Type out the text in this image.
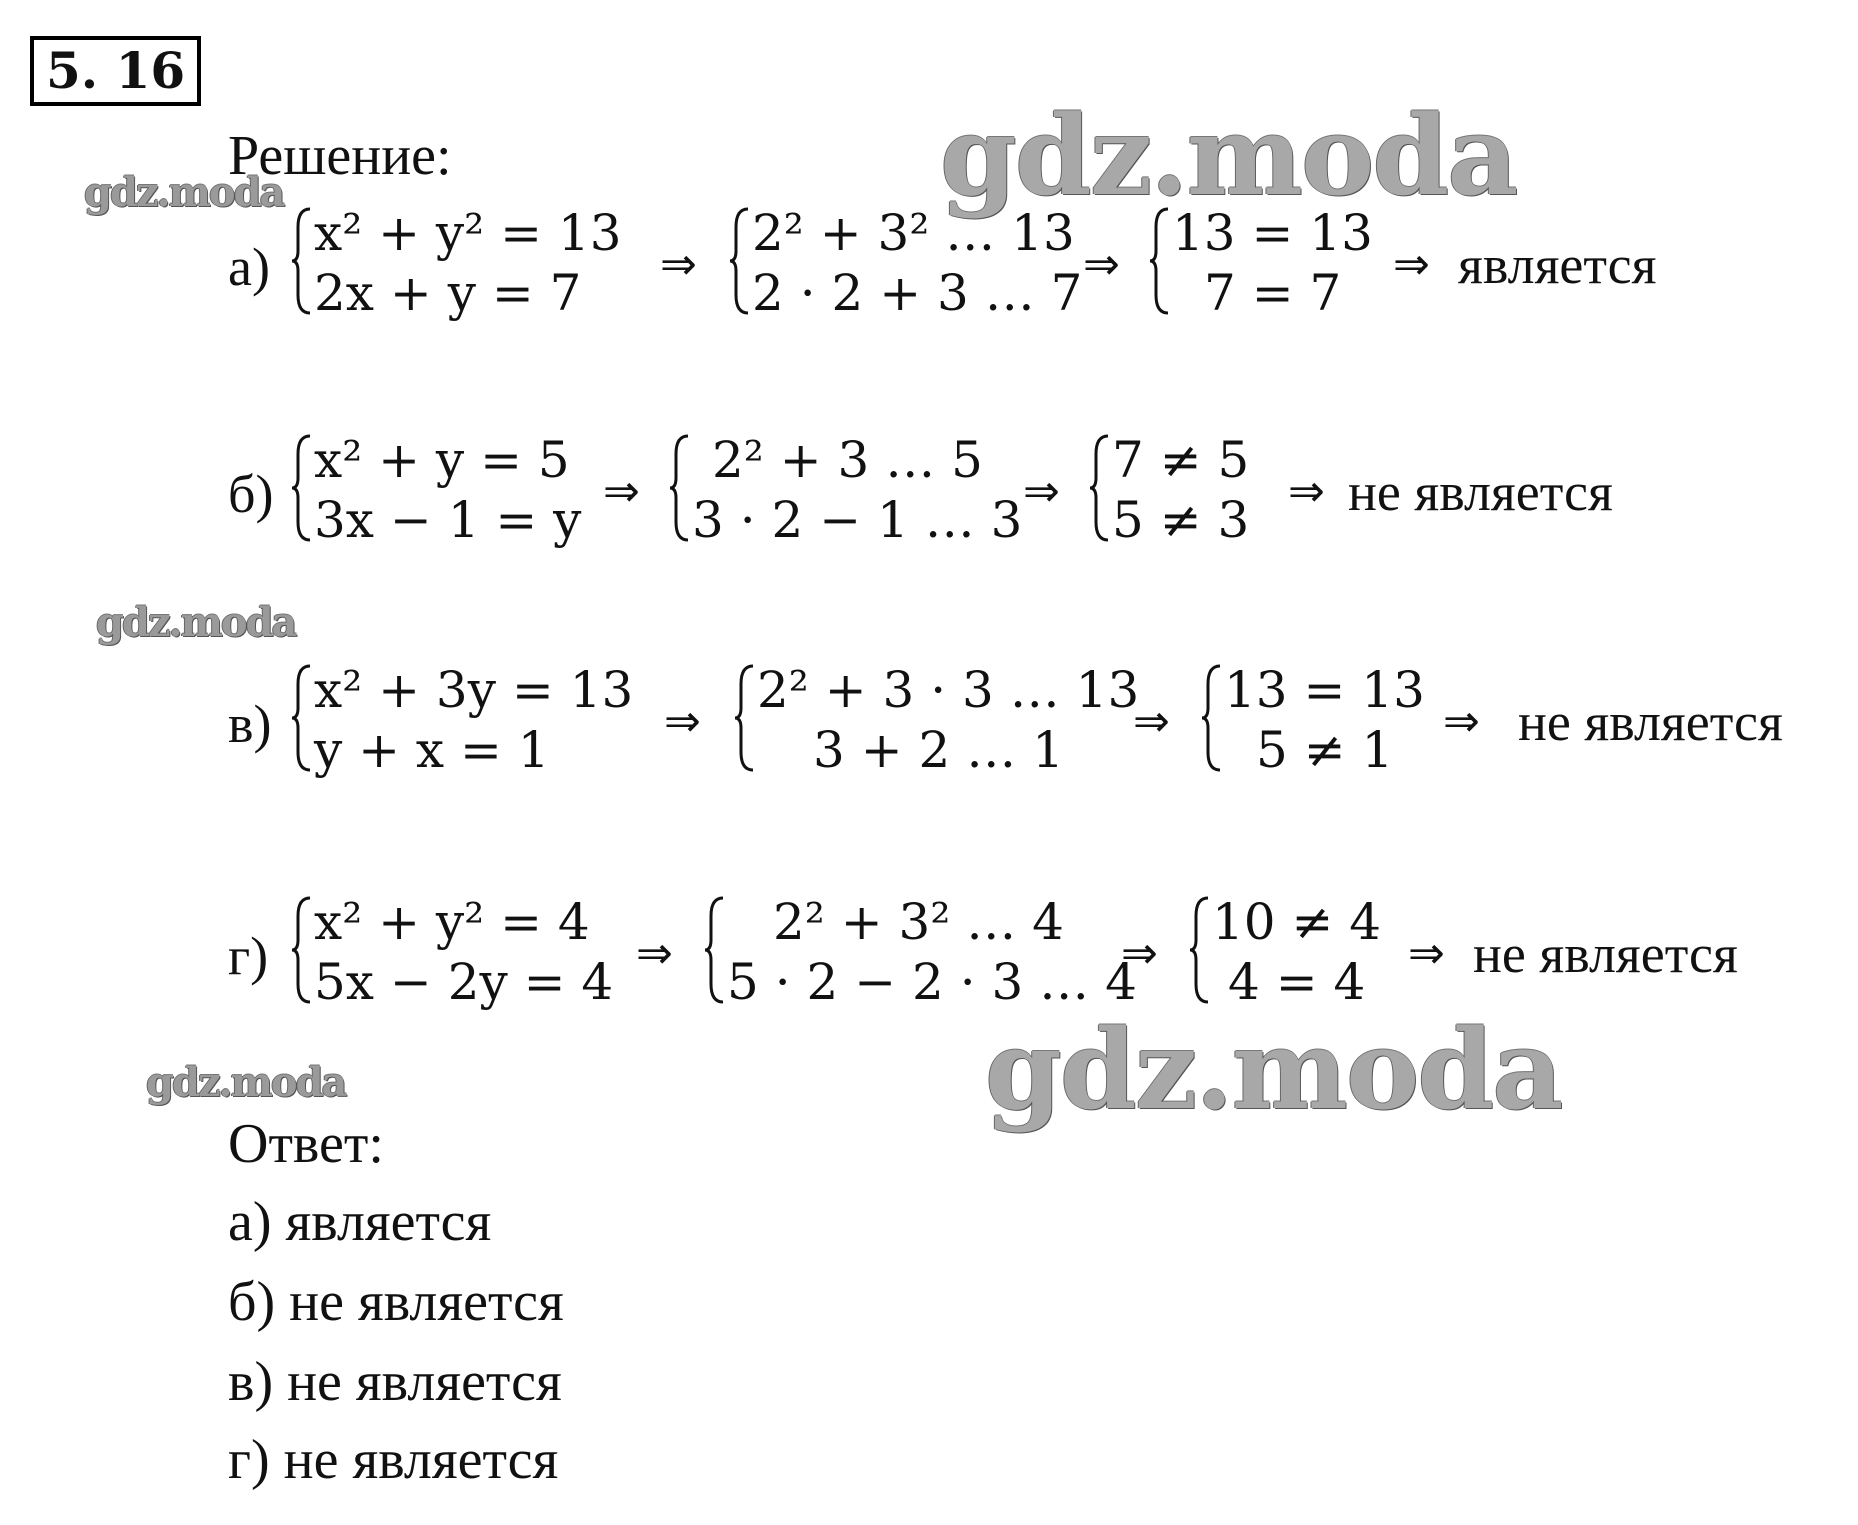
5. 16
Решение:	gdz.moda
gdz.moda
gdz.moda
gdz.moda
gdz.moda
а)
x² + y² = 13
2x + y = 7 ⇒
2² + 3² … 13
2 · 2 + 3 … 7 ⇒
13 = 13
7 = 7 ⇒ является
б)
x² + y = 5
3x − 1 = y ⇒
2² + 3 … 5
3 · 2 − 1 … 3 ⇒
7 ≠ 5
5 ≠ 3 ⇒ не является
в)
x² + 3y = 13
y + x = 1	⇒
2² + 3 · 3 … 13
3 + 2 … 1 ⇒
13 = 13
5 ≠ 1 ⇒ не является
г)
x² + y² = 4
5x − 2y = 4 ⇒
2² + 3² … 4
5 · 2 − 2 · 3 … 4
⇒
10 ≠ 4
4 = 4 ⇒ не является
Ответ:
а) является
б) не является
в) не является
г) не является
